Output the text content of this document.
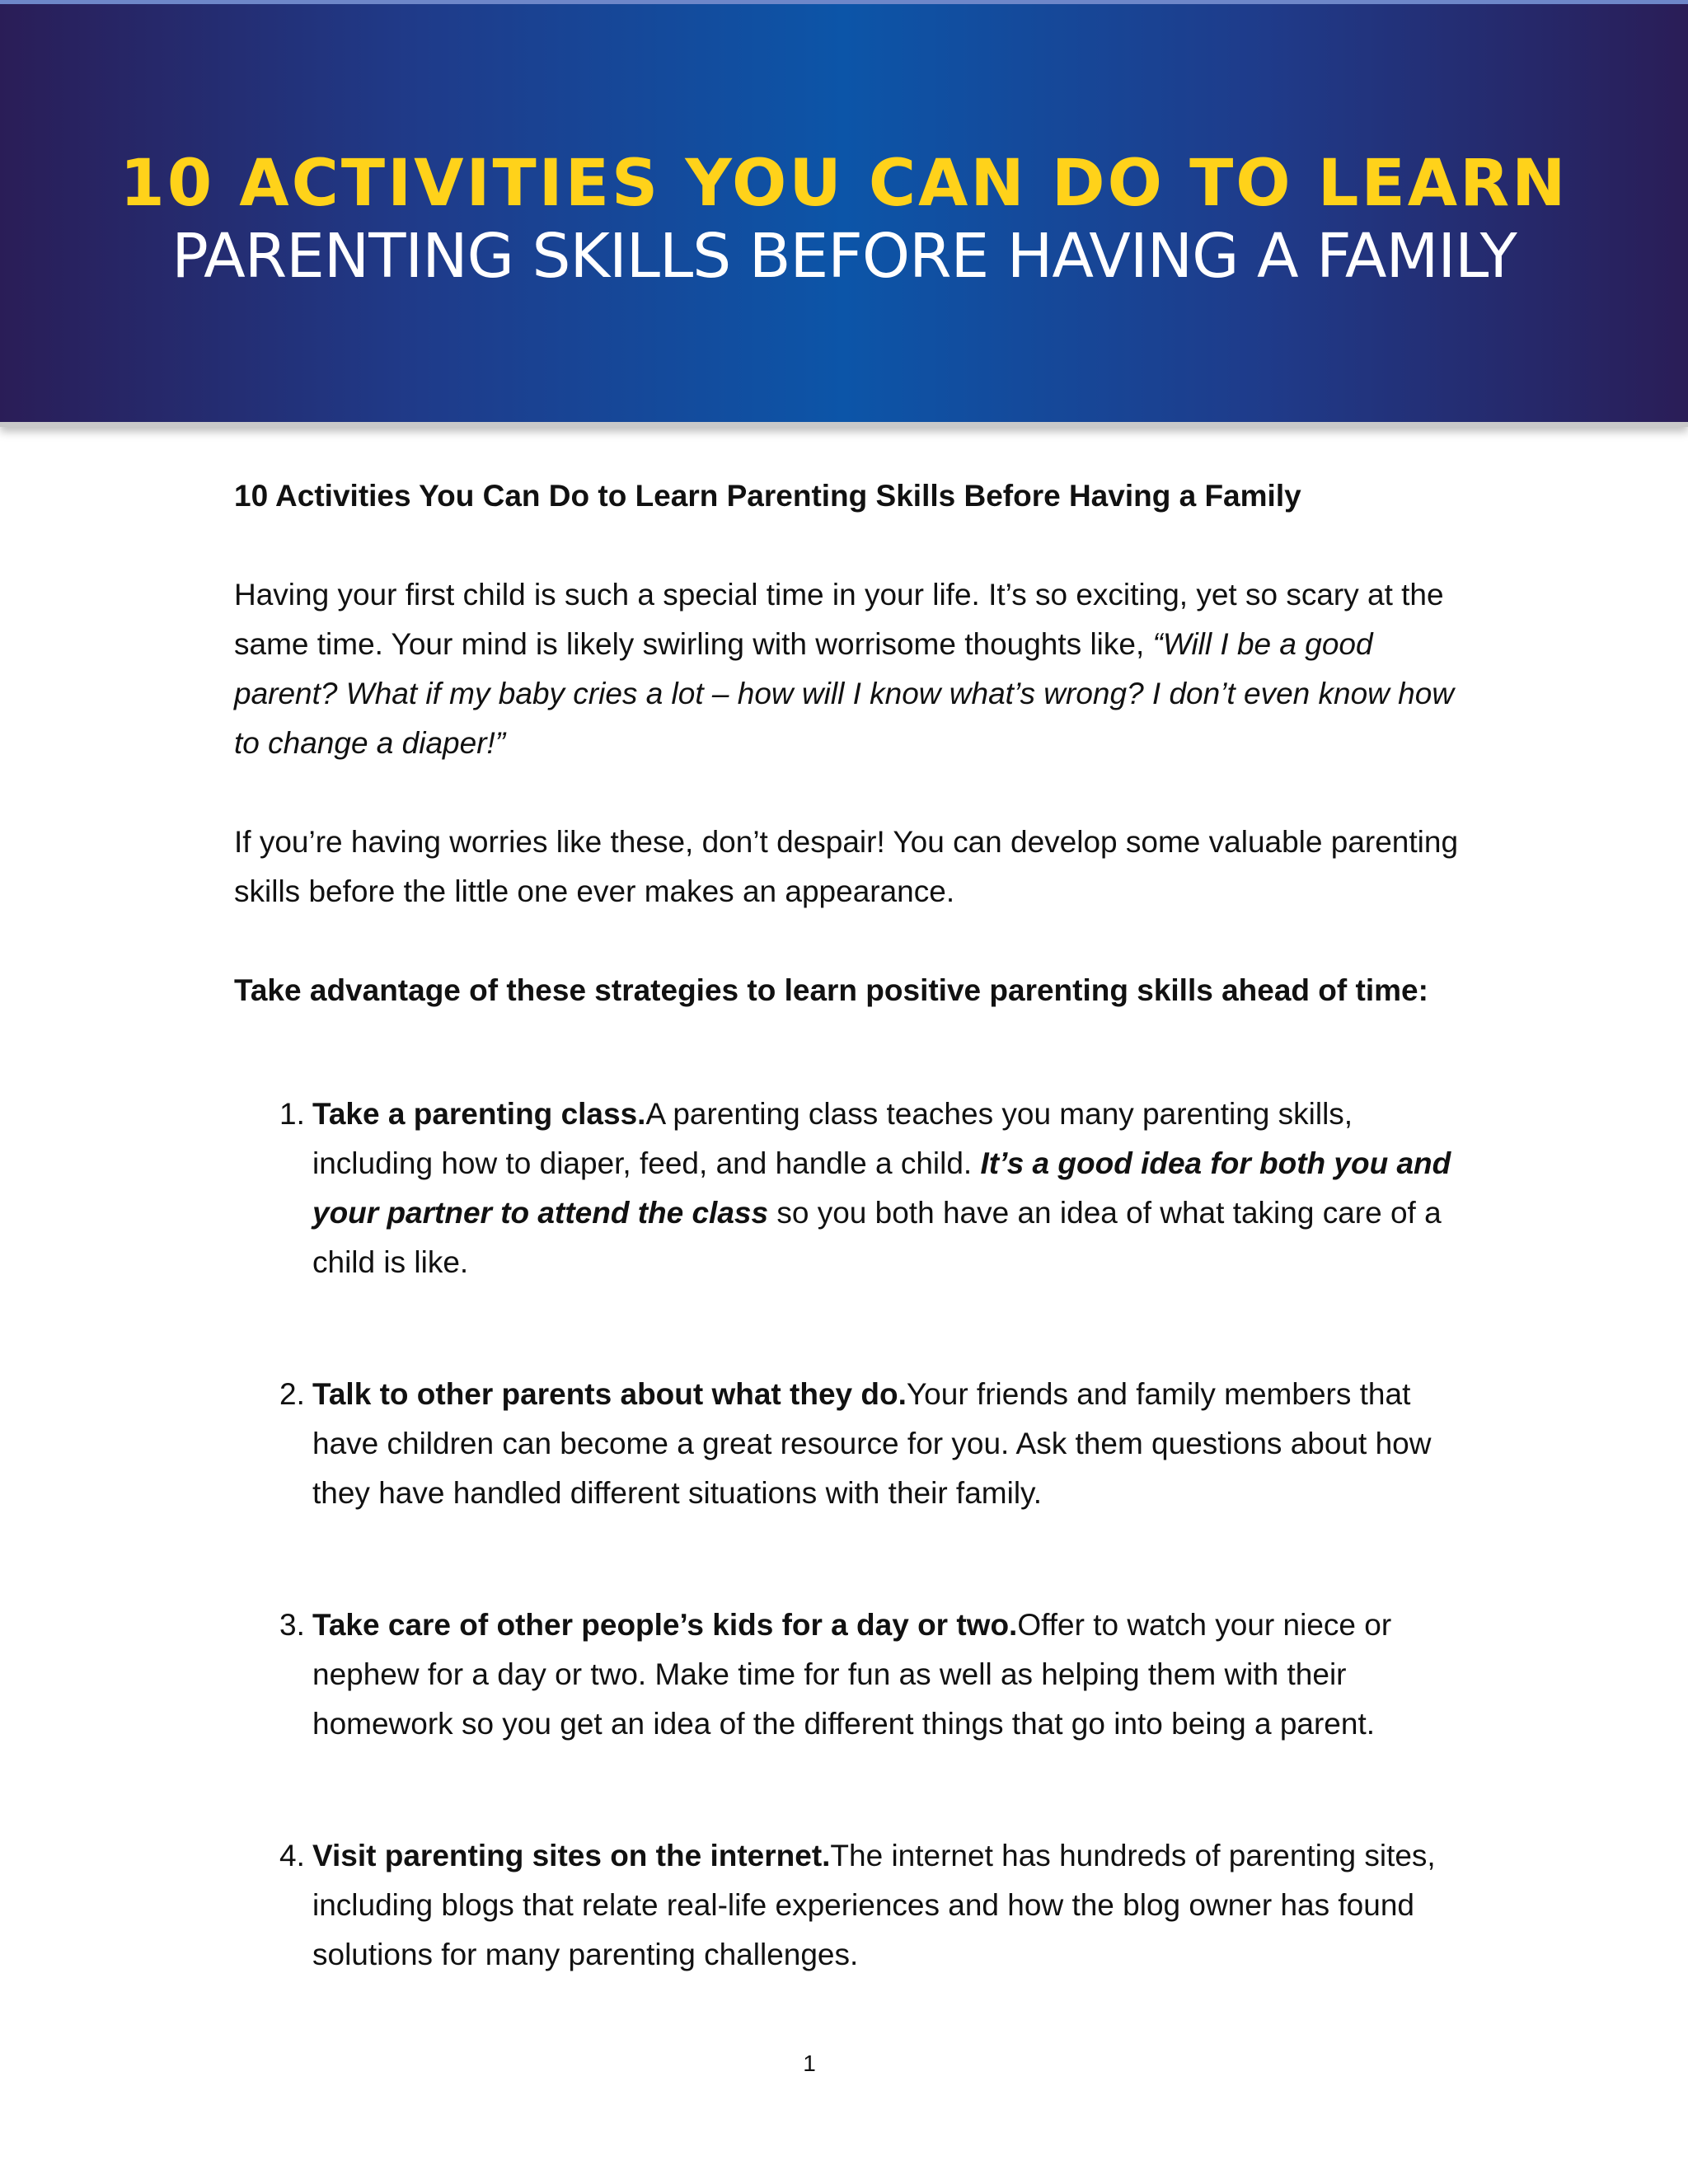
10 ACTIVITIES YOU CAN DO TO LEARN
PARENTING SKILLS BEFORE HAVING A FAMILY

10 Activities You Can Do to Learn Parenting Skills Before Having a Family

Having your first child is such a special time in your life. It’s so exciting, yet so scary at the same time. Your mind is likely swirling with worrisome thoughts like, “Will I be a good parent? What if my baby cries a lot – how will I know what’s wrong? I don’t even know how to change a diaper!”

If you’re having worries like these, don’t despair! You can develop some valuable parenting skills before the little one ever makes an appearance.

Take advantage of these strategies to learn positive parenting skills ahead of time:

1. Take a parenting class.A parenting class teaches you many parenting skills, including how to diaper, feed, and handle a child. It’s a good idea for both you and your partner to attend the class so you both have an idea of what taking care of a child is like.
2. Talk to other parents about what they do.Your friends and family members that have children can become a great resource for you. Ask them questions about how they have handled different situations with their family.
3. Take care of other people’s kids for a day or two.Offer to watch your niece or nephew for a day or two. Make time for fun as well as helping them with their homework so you get an idea of the different things that go into being a parent.
4. Visit parenting sites on the internet.The internet has hundreds of parenting sites, including blogs that relate real-life experiences and how the blog owner has found solutions for many parenting challenges.
1
